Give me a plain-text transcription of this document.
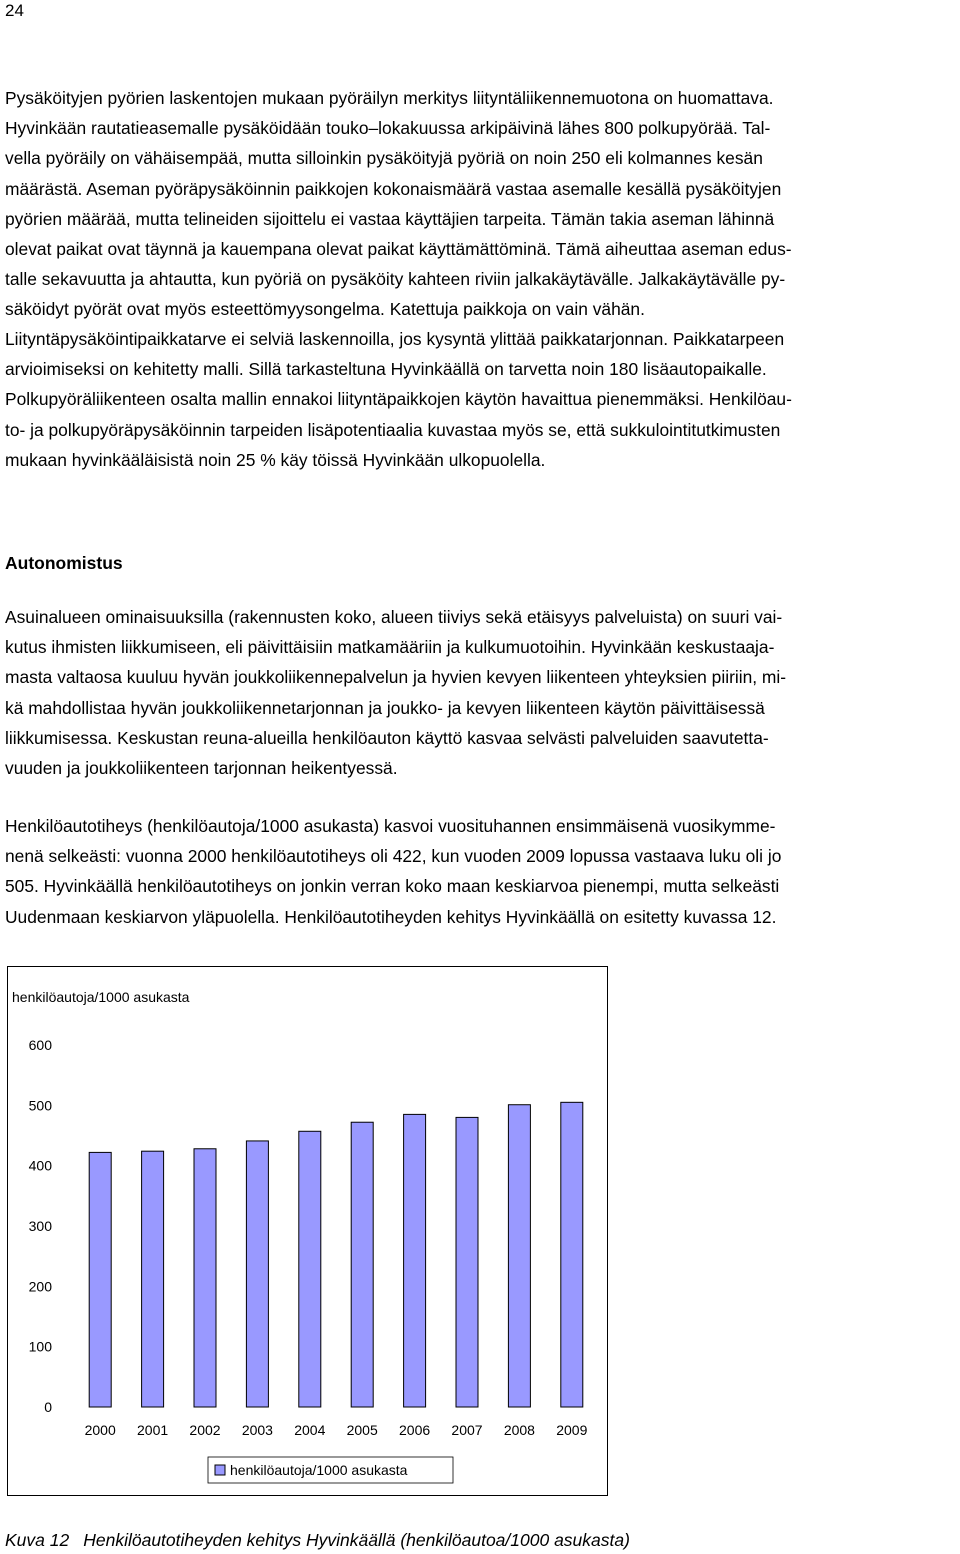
24

Pysäköityjen pyörien laskentojen mukaan pyöräilyn merkitys liityntäliikennemuotona on huomattava.
Hyvinkään rautatieasemalle pysäköidään touko–lokakuussa arkipäivinä lähes 800 polkupyörää. Tal-
vella pyöräily on vähäisempää, mutta silloinkin pysäköityjä pyöriä on noin 250 eli kolmannes kesän
määrästä. Aseman pyöräpysäköinnin paikkojen kokonaismäärä vastaa asemalle kesällä pysäköityjen
pyörien määrää, mutta telineiden sijoittelu ei vastaa käyttäjien tarpeita. Tämän takia aseman lähinnä
olevat paikat ovat täynnä ja kauempana olevat paikat käyttämättöminä. Tämä aiheuttaa aseman edus-
talle sekavuutta ja ahtautta, kun pyöriä on pysäköity kahteen riviin jalkakäytävälle. Jalkakäytävälle py-
säköidyt pyörät ovat myös esteettömyysongelma. Katettuja paikkoja on vain vähän.

Liityntäpysäköintipaikkatarve ei selviä laskennoilla, jos kysyntä ylittää paikkatarjonnan. Paikkatarpeen
arvioimiseksi on kehitetty malli. Sillä tarkasteltuna Hyvinkäällä on tarvetta noin 180 lisäautopaikalle.
Polkupyöräliikenteen osalta mallin ennakoi liityntäpaikkojen käytön havaittua pienemmäksi. Henkilöau-
to- ja polkupyöräpysäköinnin tarpeiden lisäpotentiaalia kuvastaa myös se, että sukkulointitutkimusten
mukaan hyvinkääläisistä noin 25 % käy töissä Hyvinkään ulkopuolella.

Autonomistus

Asuinalueen ominaisuuksilla (rakennusten koko, alueen tiiviys sekä etäisyys palveluista) on suuri vai-
kutus ihmisten liikkumiseen, eli päivittäisiin matkamääriin ja kulkumuotoihin. Hyvinkään keskustaaja-
masta valtaosa kuuluu hyvän joukkoliikennepalvelun ja hyvien kevyen liikenteen yhteyksien piiriin, mi-
kä mahdollistaa hyvän joukkoliikennetarjonnan ja joukko- ja kevyen liikenteen käytön päivittäisessä
liikkumisessa. Keskustan reuna-alueilla henkilöauton käyttö kasvaa selvästi palveluiden saavutetta-
vuuden ja joukkoliikenteen tarjonnan heikentyessä.

Henkilöautotiheys (henkilöautoja/1000 asukasta) kasvoi vuosituhannen ensimmäisenä vuosikymme-
nenä selkeästi: vuonna 2000 henkilöautotiheys oli 422, kun vuoden 2009 lopussa vastaava luku oli jo
505. Hyvinkäällä henkilöautotiheys on jonkin verran koko maan keskiarvoa pienempi, mutta selkeästi
Uudenmaan keskiarvon yläpuolella. Henkilöautotiheyden kehitys Hyvinkäällä on esitetty kuvassa 12.

henkilöautoja/1000 asukasta
0
100
200
300
400
500
600
2000 2001 2002 2003 2004 2005 2006 2007 2008 2009
henkilöautoja/1000 asukasta

Kuva 12 Henkilöautotiheyden kehitys Hyvinkäällä (henkilöautoa/1000 asukasta)
